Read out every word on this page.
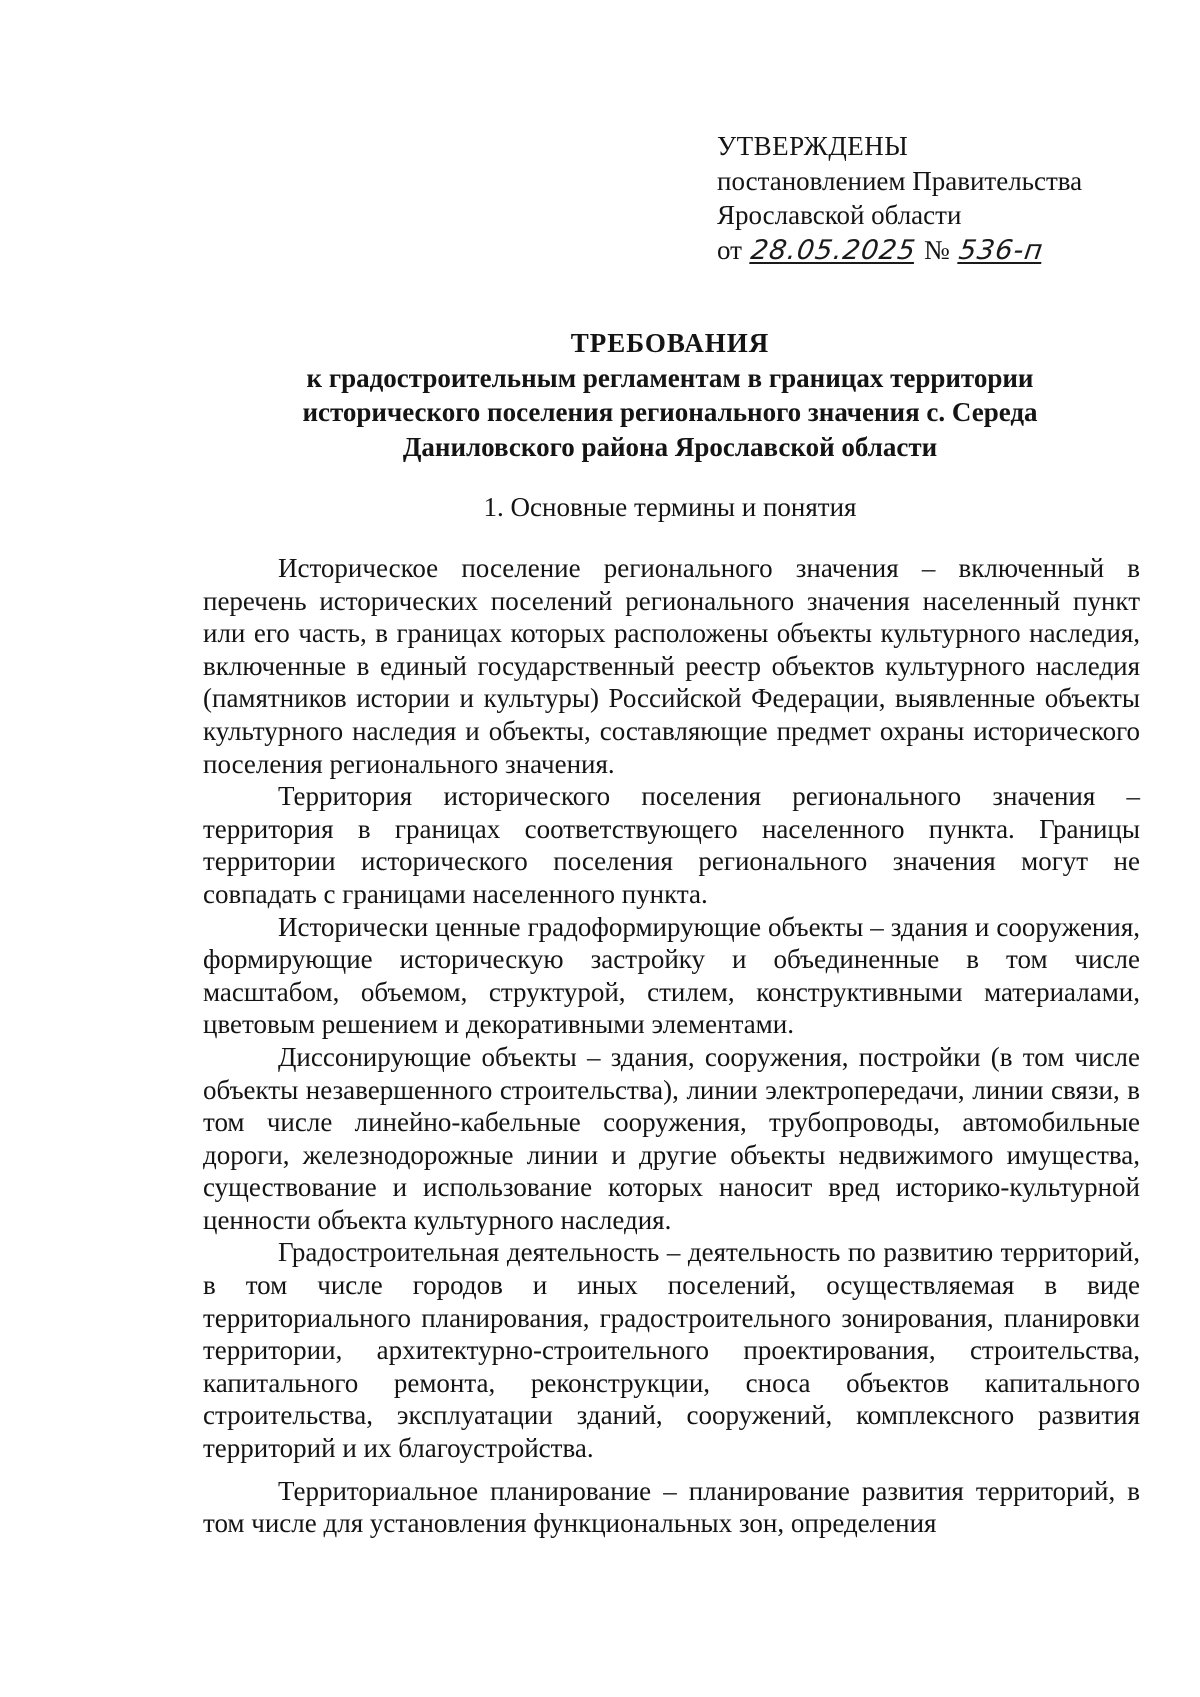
УТВЕРЖДЕНЫ
постановлением Правительства
Ярославской области
от 28.05.2025 № 536-п
ТРЕБОВАНИЯ
к градостроительным регламентам в границах территории
исторического поселения регионального значения с. Середа
Даниловского района Ярославской области
1. Основные термины и понятия

Историческое поселение регионального значения – включенный в перечень исторических поселений регионального значения населенный пункт или его часть, в границах которых расположены объекты культурного наследия, включенные в единый государственный реестр объектов культурного наследия (памятников истории и культуры) Российской Федерации, выявленные объекты культурного наследия и объекты, составляющие предмет охраны исторического поселения регионального значения.

Территория исторического поселения регионального значения – территория в границах соответствующего населенного пункта. Границы территории исторического поселения регионального значения могут не совпадать с границами населенного пункта.

Исторически ценные градоформирующие объекты – здания и сооружения, формирующие историческую застройку и объединенные в том числе масштабом, объемом, структурой, стилем, конструктивными материалами, цветовым решением и декоративными элементами.

Диссонирующие объекты – здания, сооружения, постройки (в том числе объекты незавершенного строительства), линии электропередачи, линии связи, в том числе линейно-кабельные сооружения, трубопроводы, автомобильные дороги, железнодорожные линии и другие объекты недвижимого имущества, существование и использование которых наносит вред историко-культурной ценности объекта культурного наследия.

Градостроительная деятельность – деятельность по развитию территорий, в том числе городов и иных поселений, осуществляемая в виде территориального планирования, градостроительного зонирования, планировки территории, архитектурно-строительного проектирования, строительства, капитального ремонта, реконструкции, сноса объектов капитального строительства, эксплуатации зданий, сооружений, комплексного развития территорий и их благоустройства.

Территориальное планирование – планирование развития территорий, в том числе для установления функциональных зон, определения
